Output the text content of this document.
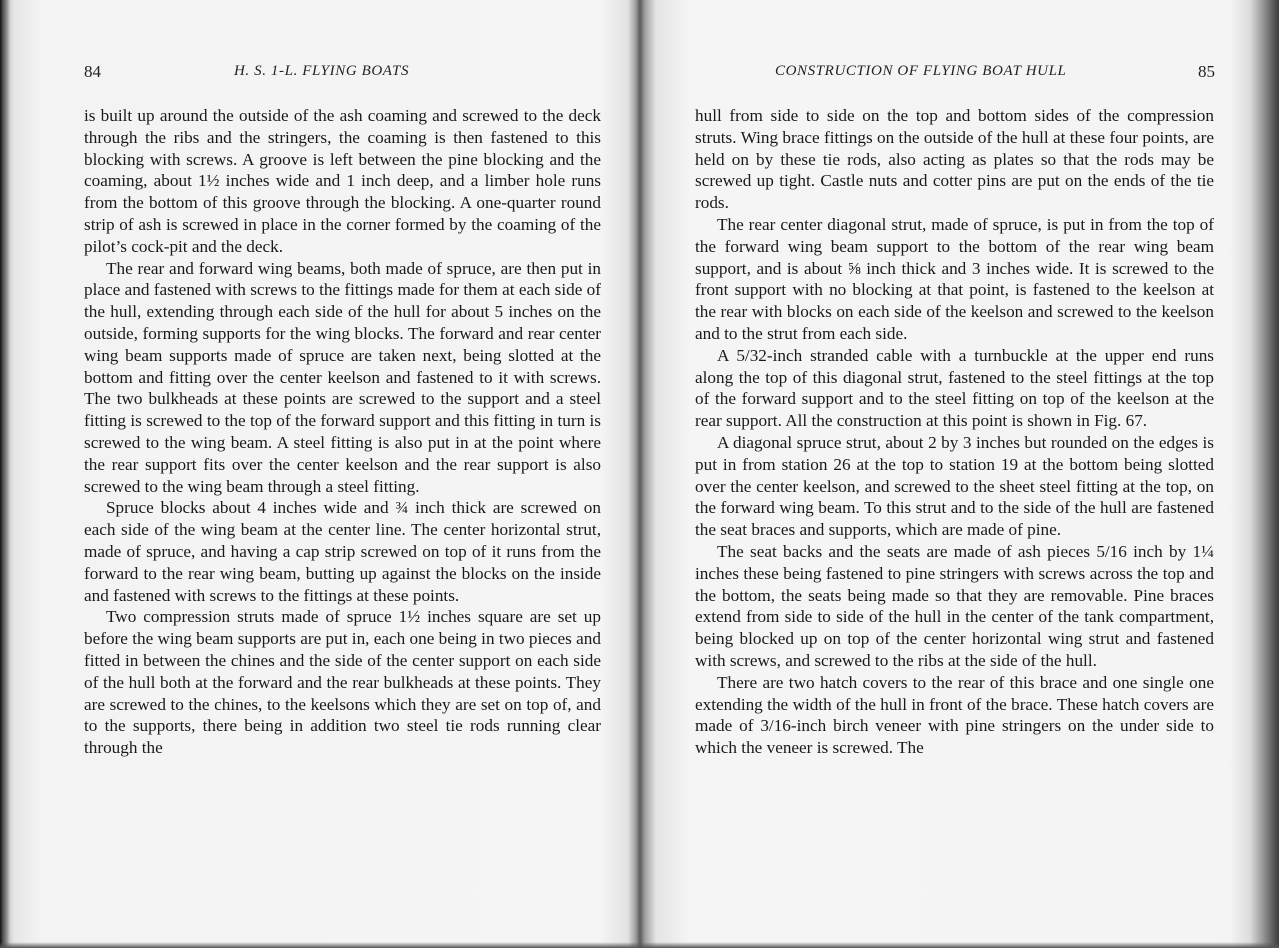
84	H. S. 1-L. FLYING BOATS

is built up around the outside of the ash coaming and screwed to the deck through the ribs and the stringers, the coaming is then fastened to this blocking with screws. A groove is left between the pine blocking and the coaming, about 1½ inches wide and 1 inch deep, and a limber hole runs from the bottom of this groove through the blocking. A one-quarter round strip of ash is screwed in place in the corner formed by the coaming of the pilot’s cock-pit and the deck.

The rear and forward wing beams, both made of spruce, are then put in place and fastened with screws to the fittings made for them at each side of the hull, extending through each side of the hull for about 5 inches on the outside, forming supports for the wing blocks. The forward and rear center wing beam supports made of spruce are taken next, being slotted at the bottom and fitting over the center keelson and fastened to it with screws. The two bulkheads at these points are screwed to the support and a steel fitting is screwed to the top of the forward support and this fitting in turn is screwed to the wing beam. A steel fitting is also put in at the point where the rear support fits over the center keelson and the rear support is also screwed to the wing beam through a steel fitting.

Spruce blocks about 4 inches wide and ¾ inch thick are screwed on each side of the wing beam at the center line. The center horizontal strut, made of spruce, and having a cap strip screwed on top of it runs from the forward to the rear wing beam, butting up against the blocks on the inside and fastened with screws to the fittings at these points.

Two compression struts made of spruce 1½ inches square are set up before the wing beam supports are put in, each one being in two pieces and fitted in between the chines and the side of the center support on each side of the hull both at the forward and the rear bulkheads at these points. They are screwed to the chines, to the keelsons which they are set on top of, and to the supports, there being in addition two steel tie rods running clear through the

CONSTRUCTION OF FLYING BOAT HULL	85

hull from side to side on the top and bottom sides of the compression struts. Wing brace fittings on the outside of the hull at these four points, are held on by these tie rods, also acting as plates so that the rods may be screwed up tight. Castle nuts and cotter pins are put on the ends of the tie rods.

The rear center diagonal strut, made of spruce, is put in from the top of the forward wing beam support to the bottom of the rear wing beam support, and is about ⅝ inch thick and 3 inches wide. It is screwed to the front support with no blocking at that point, is fastened to the keelson at the rear with blocks on each side of the keelson and screwed to the keelson and to the strut from each side.

A 5/32-inch stranded cable with a turnbuckle at the upper end runs along the top of this diagonal strut, fastened to the steel fittings at the top of the forward support and to the steel fitting on top of the keelson at the rear support. All the construction at this point is shown in Fig. 67.

A diagonal spruce strut, about 2 by 3 inches but rounded on the edges is put in from station 26 at the top to station 19 at the bottom being slotted over the center keelson, and screwed to the sheet steel fitting at the top, on the forward wing beam. To this strut and to the side of the hull are fastened the seat braces and supports, which are made of pine.

The seat backs and the seats are made of ash pieces 5/16 inch by 1¼ inches these being fastened to pine stringers with screws across the top and the bottom, the seats being made so that they are removable. Pine braces extend from side to side of the hull in the center of the tank compartment, being blocked up on top of the center horizontal wing strut and fastened with screws, and screwed to the ribs at the side of the hull.

There are two hatch covers to the rear of this brace and one single one extending the width of the hull in front of the brace. These hatch covers are made of 3/16-inch birch veneer with pine stringers on the under side to which the veneer is screwed. The
